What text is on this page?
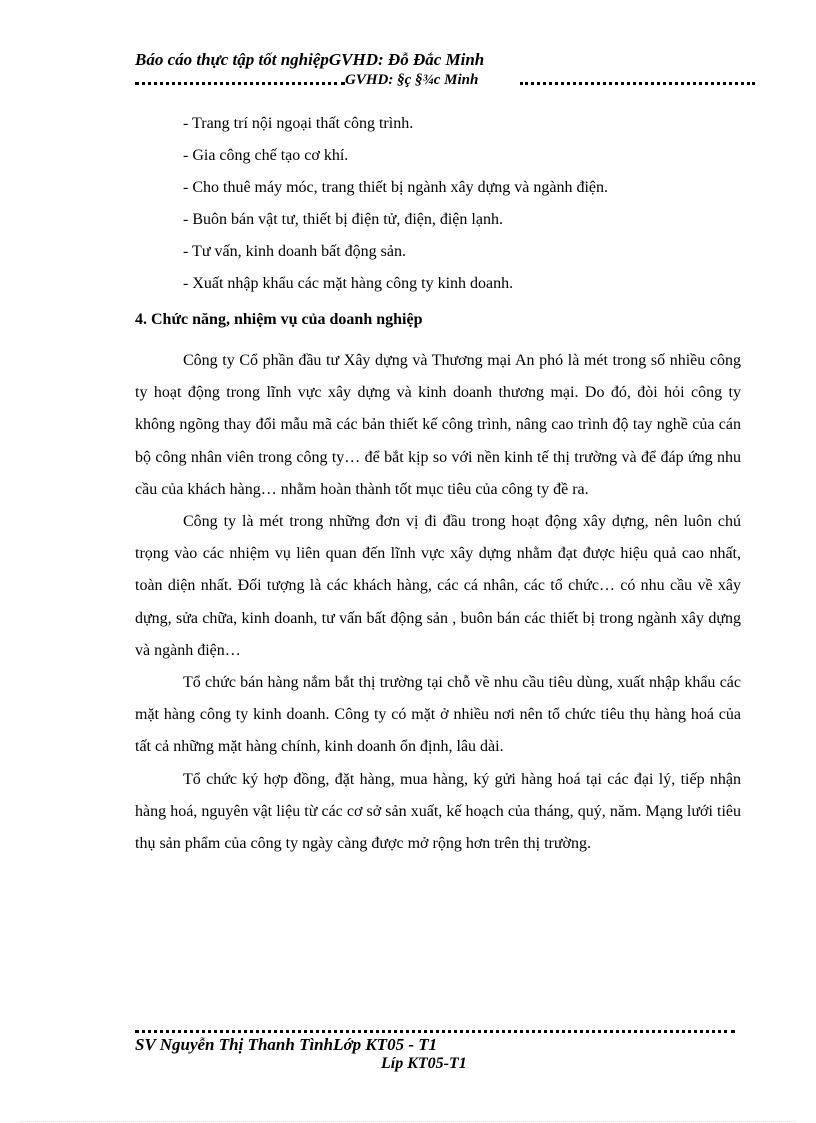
Báo cáo thực tập tốt nghiệpGVHD: Đỗ Đắc Minh
GVHD: §ç §¾c Minh
- Trang trí nội ngoại thất công trình.
- Gia công chế tạo cơ khí.
- Cho thuê máy móc, trang thiết bị ngành xây dựng và ngành điện.
- Buôn bán vật tư, thiết bị điện tử, điện, điện lạnh.
- Tư vấn, kinh doanh bất động sản.
- Xuất nhập khẩu các mặt hàng công ty kinh doanh.
4. Chức năng, nhiệm vụ của doanh nghiệp

Công ty Cổ phần đầu tư Xây dựng và Thương mại An phó là mét trong số nhiều công ty hoạt động trong lĩnh vực xây dựng và kinh doanh thương mại. Do đó, đòi hỏi công ty không ngõng thay đổi mẫu mã các bản thiết kế công trình, nâng cao trình độ tay nghề của cán bộ công nhân viên trong công ty… để bắt kịp so với nền kinh tế thị trường và để đáp ứng nhu cầu của khách hàng… nhằm hoàn thành tốt mục tiêu của công ty đề ra.

Công ty là mét trong những đơn vị đi đầu trong hoạt động xây dựng, nên luôn chú trọng vào các nhiệm vụ liên quan đến lĩnh vực xây dựng nhằm đạt được hiệu quả cao nhất, toàn diện nhất. Đối tượng là các khách hàng, các cá nhân, các tổ chức… có nhu cầu về xây dựng, sửa chữa, kinh doanh, tư vấn bất động sản , buôn bán các thiết bị trong ngành xây dựng và ngành điện…

Tổ chức bán hàng nắm bắt thị trường tại chỗ về nhu cầu tiêu dùng, xuất nhập khẩu các mặt hàng công ty kinh doanh. Công ty có mặt ở nhiều nơi nên tổ chức tiêu thụ hàng hoá của tất cả những mặt hàng chính, kinh doanh ổn định, lâu dài.

Tổ chức ký hợp đồng, đặt hàng, mua hàng, ký gửi hàng hoá tại các đại lý, tiếp nhận hàng hoá, nguyên vật liệu từ các cơ sở sản xuất, kế hoạch của tháng, quý, năm. Mạng lưới tiêu thụ sản phẩm của công ty ngày càng được mở rộng hơn trên thị trường.

SV Nguyễn Thị Thanh TìnhLớp KT05 - T1
Líp KT05-T1
